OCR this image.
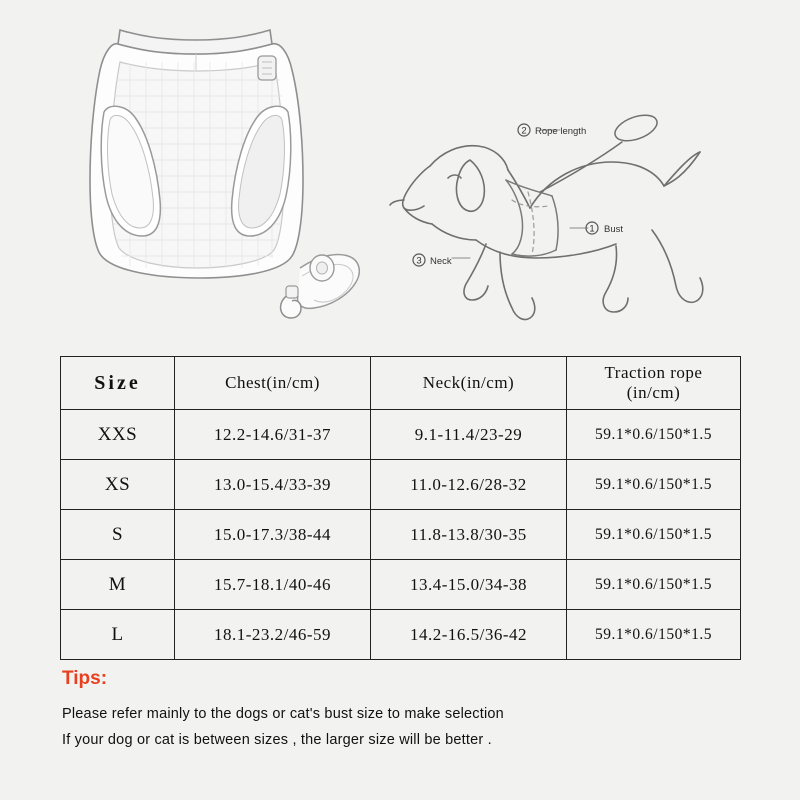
1 Bust
2 Rope length
3 Neck
Size	Chest(in/cm)	Neck(in/cm)	Traction rope
(in/cm)

XXS	12.2-14.6/31-37	9.1-11.4/23-29	59.1*0.6/150*1.5
XS	13.0-15.4/33-39	11.0-12.6/28-32	59.1*0.6/150*1.5
S	15.0-17.3/38-44	11.8-13.8/30-35	59.1*0.6/150*1.5
M	15.7-18.1/40-46	13.4-15.0/34-38	59.1*0.6/150*1.5
L	18.1-23.2/46-59	14.2-16.5/36-42	59.1*0.6/150*1.5

Tips:

Please refer mainly to the dogs or cat's bust size to make selection

If your dog or cat is between sizes , the larger size will be better .
